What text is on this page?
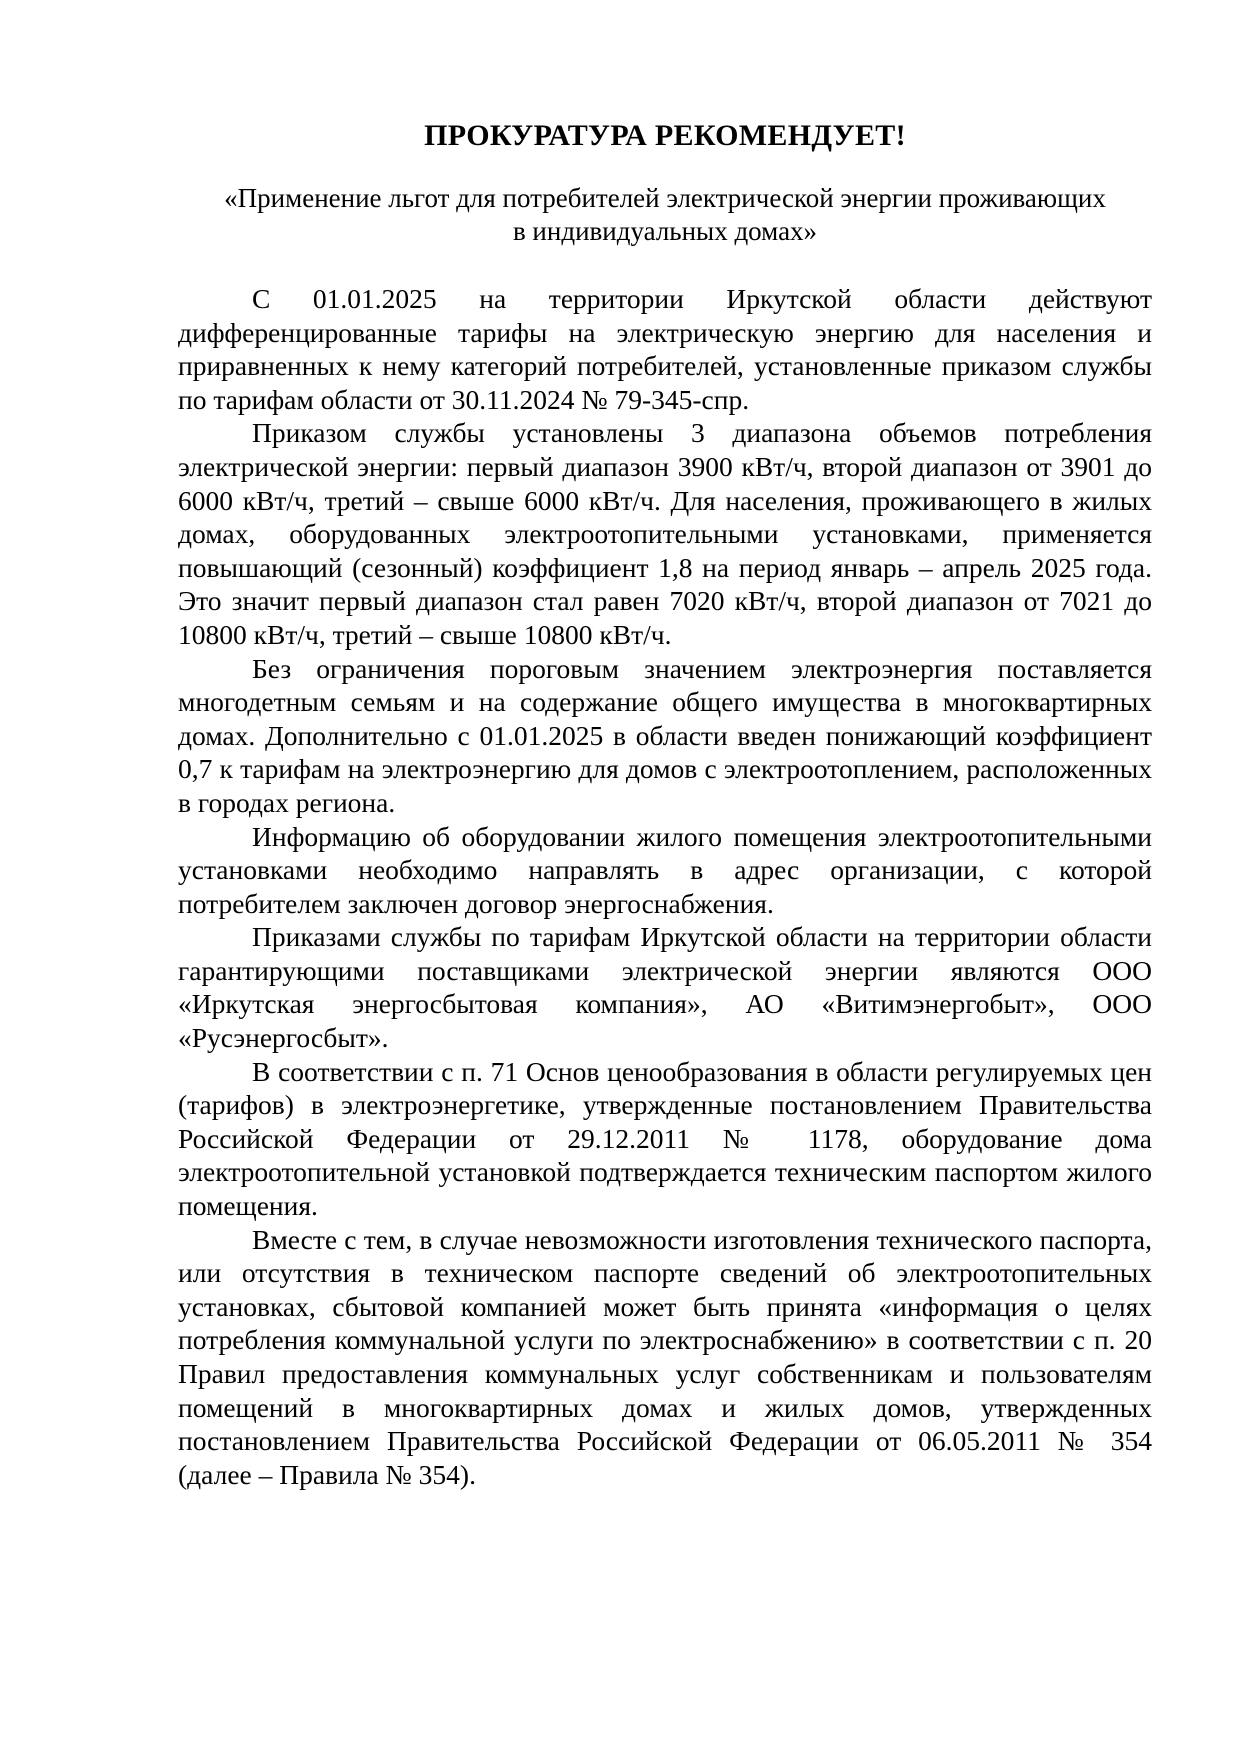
ПРОКУРАТУРА РЕКОМЕНДУЕТ!
«Применение льгот для потребителей электрической энергии проживающих в индивидуальных домах»

С 01.01.2025 на территории Иркутской области действуют дифференцированные тарифы на электрическую энергию для населения и приравненных к нему категорий потребителей, установленные приказом службы по тарифам области от 30.11.2024 № 79-345-спр.

Приказом службы установлены 3 диапазона объемов потребления электрической энергии: первый диапазон 3900 кВт/ч, второй диапазон от 3901 до 6000 кВт/ч, третий – свыше 6000 кВт/ч. Для населения, проживающего в жилых домах, оборудованных электроотопительными установками, применяется повышающий (сезонный) коэффициент 1,8 на период январь – апрель 2025 года. Это значит первый диапазон стал равен 7020 кВт/ч, второй диапазон от 7021 до 10800 кВт/ч, третий – свыше 10800 кВт/ч.

Без ограничения пороговым значением электроэнергия поставляется многодетным семьям и на содержание общего имущества в многоквартирных домах. Дополнительно с 01.01.2025 в области введен понижающий коэффициент 0,7 к тарифам на электроэнергию для домов с электроотоплением, расположенных в городах региона.

Информацию об оборудовании жилого помещения электроотопительными установками необходимо направлять в адрес организации, с которой потребителем заключен договор энергоснабжения.

Приказами службы по тарифам Иркутской области на территории области гарантирующими поставщиками электрической энергии являются ООО «Иркутская энергосбытовая компания», АО «Витимэнергобыт», ООО «Русэнергосбыт».

В соответствии с п. 71 Основ ценообразования в области регулируемых цен (тарифов) в электроэнергетике, утвержденные постановлением Правительства Российской Федерации от 29.12.2011 № 1178, оборудование дома электроотопительной установкой подтверждается техническим паспортом жилого помещения.

Вместе с тем, в случае невозможности изготовления технического паспорта, или отсутствия в техническом паспорте сведений об электроотопительных установках, сбытовой компанией может быть принята «информация о целях потребления коммунальной услуги по электроснабжению» в соответствии с п. 20 Правил предоставления коммунальных услуг собственникам и пользователям помещений в многоквартирных домах и жилых домов, утвержденных постановлением Правительства Российской Федерации от 06.05.2011 № 354 (далее – Правила № 354).
